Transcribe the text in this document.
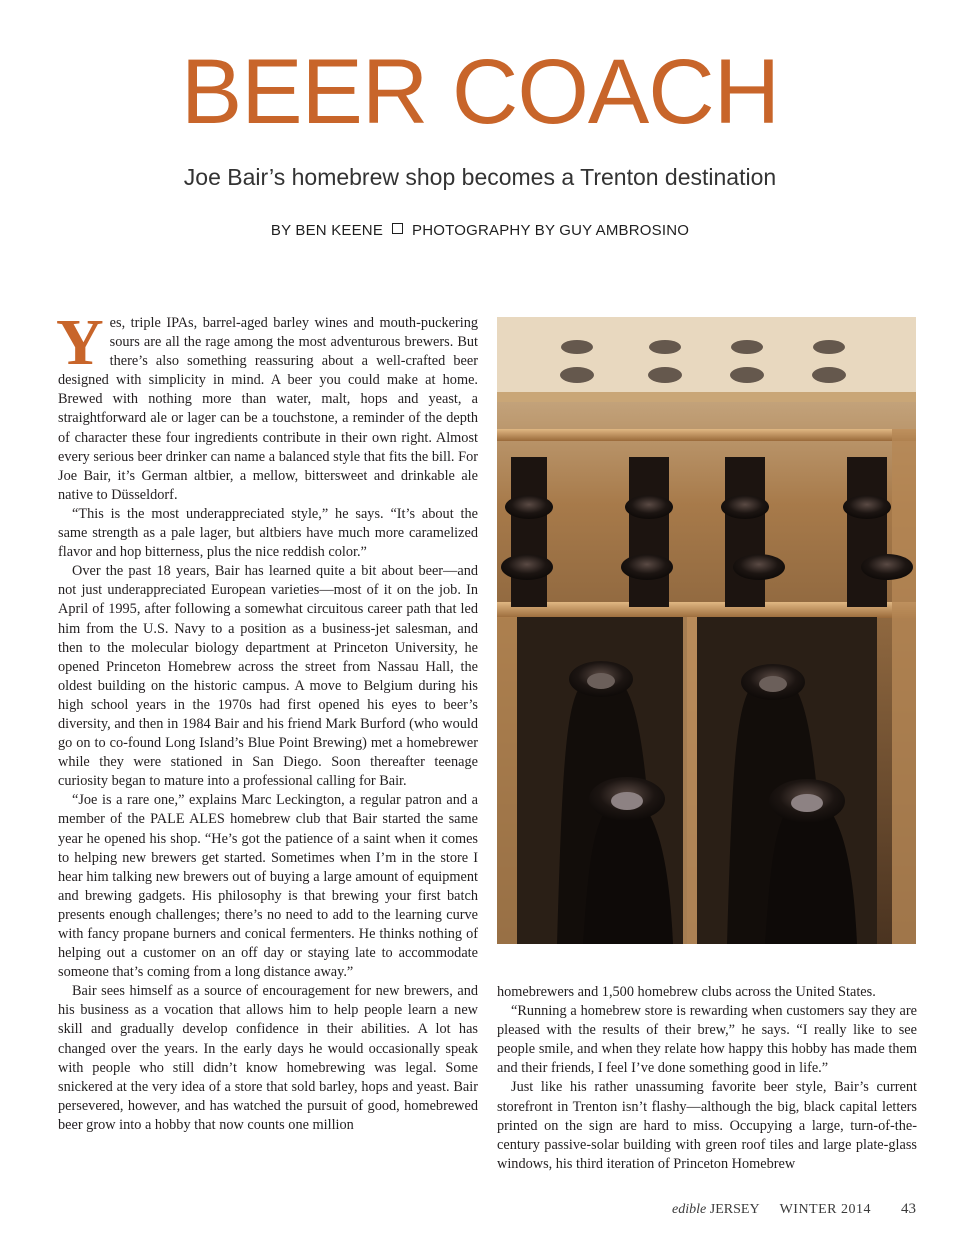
BEER COACH
Joe Bair’s homebrew shop becomes a Trenton destination
BY BEN KEENE PHOTOGRAPHY BY GUY AMBROSINO

Yes, triple IPAs, barrel-aged barley wines and mouth-puckering sours are all the rage among the most adventurous brewers. But there’s also something reassuring about a well-crafted beer designed with simplicity in mind. A beer you could make at home. Brewed with nothing more than water, malt, hops and yeast, a straightforward ale or lager can be a touchstone, a reminder of the depth of character these four ingredients contribute in their own right. Almost every serious beer drinker can name a balanced style that fits the bill. For Joe Bair, it’s German altbier, a mellow, bittersweet and drinkable ale native to Düsseldorf.

“This is the most underappreciated style,” he says. “It’s about the same strength as a pale lager, but altbiers have much more caramelized flavor and hop bitterness, plus the nice reddish color.”

Over the past 18 years, Bair has learned quite a bit about beer—and not just underappreciated European varieties—most of it on the job. In April of 1995, after following a somewhat circuitous career path that led him from the U.S. Navy to a position as a business-jet salesman, and then to the molecular biology department at Princeton University, he opened Princeton Homebrew across the street from Nassau Hall, the oldest building on the historic campus. A move to Belgium during his high school years in the 1970s had first opened his eyes to beer’s diversity, and then in 1984 Bair and his friend Mark Burford (who would go on to co-found Long Island’s Blue Point Brewing) met a homebrewer while they were stationed in San Diego. Soon thereafter teenage curiosity began to mature into a professional calling for Bair.

“Joe is a rare one,” explains Marc Leckington, a regular patron and a member of the PALE ALES homebrew club that Bair started the same year he opened his shop. “He’s got the patience of a saint when it comes to helping new brewers get started. Sometimes when I’m in the store I hear him talking new brewers out of buying a large amount of equipment and brewing gadgets. His philosophy is that brewing your first batch presents enough challenges; there’s no need to add to the learning curve with fancy propane burners and conical fermenters. He thinks nothing of helping out a customer on an off day or staying late to accommodate someone that’s coming from a long distance away.”

Bair sees himself as a source of encouragement for new brewers, and his business as a vocation that allows him to help people learn a new skill and gradually develop confidence in their abilities. A lot has changed over the years. In the early days he would occasionally speak with people who still didn’t know homebrewing was legal. Some snickered at the very idea of a store that sold barley, hops and yeast. Bair persevered, however, and has watched the pursuit of good, homebrewed beer grow into a hobby that now counts one million

homebrewers and 1,500 homebrew clubs across the United States.

“Running a homebrew store is rewarding when customers say they are pleased with the results of their brew,” he says. “I really like to see people smile, and when they relate how happy this hobby has made them and their friends, I feel I’ve done something good in life.”

Just like his rather unassuming favorite beer style, Bair’s current storefront in Trenton isn’t flashy—although the big, black capital letters printed on the sign are hard to miss. Occupying a large, turn-of-the-century passive-solar building with green roof tiles and large plate-glass windows, his third iteration of Princeton Homebrew

edible JERSEY WINTER 2014 43
